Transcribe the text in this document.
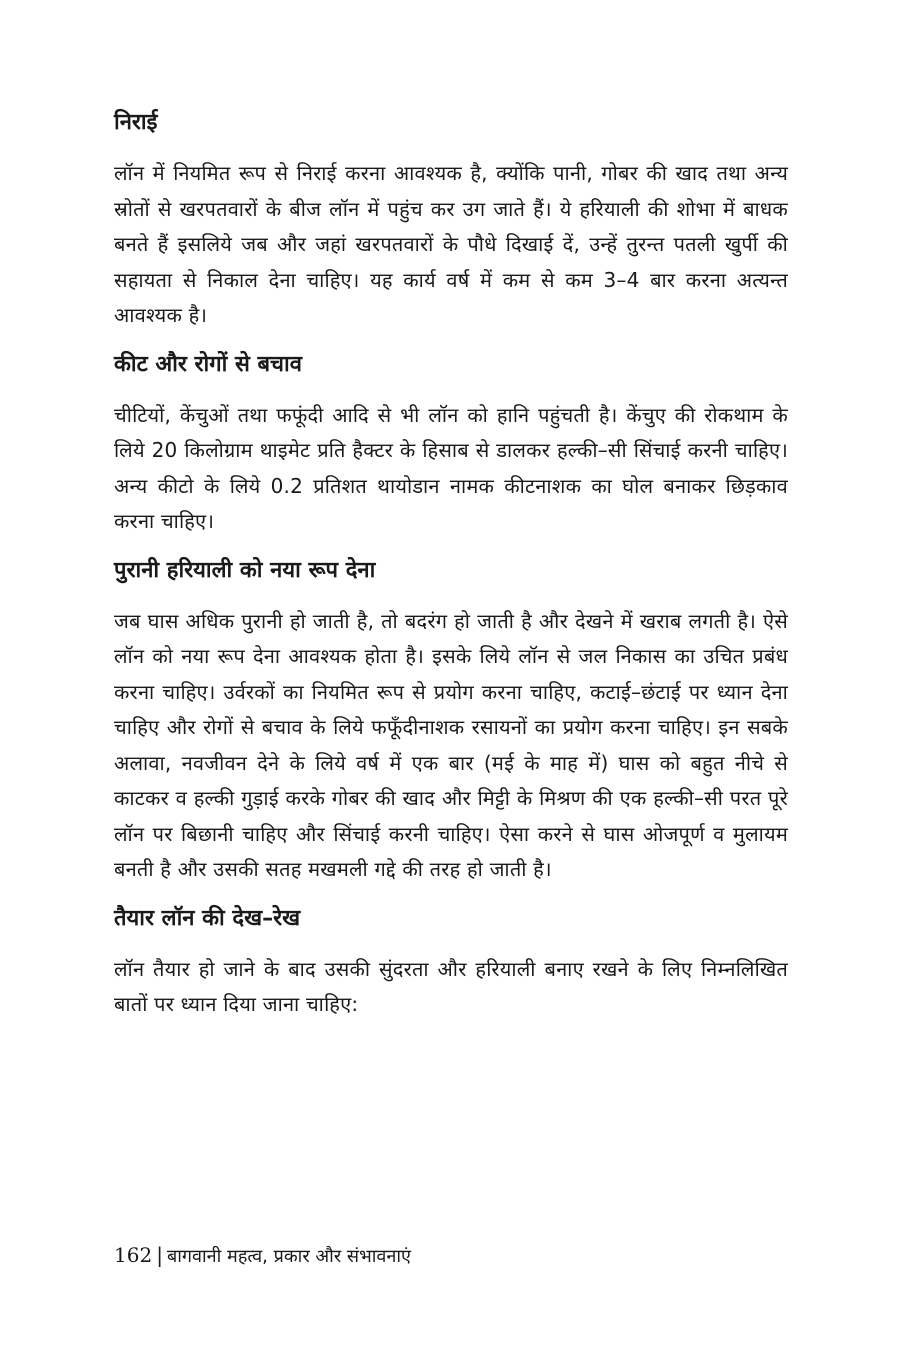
निराई

लॉन में नियमित रूप से निराई करना आवश्यक है, क्योंकि पानी, गोबर की खाद तथा अन्य स्रोतों से खरपतवारों के बीज लॉन में पहुंच कर उग जाते हैं। ये हरियाली की शोभा में बाधक बनते हैं इसलिये जब और जहां खरपतवारों के पौधे दिखाई दें, उन्हें तुरन्त पतली खुर्पी की सहायता से निकाल देना चाहिए। यह कार्य वर्ष में कम से कम 3–4 बार करना अत्यन्त आवश्यक है।

कीट और रोगों से बचाव

चीटियों, केंचुओं तथा फफूंदी आदि से भी लॉन को हानि पहुंचती है। केंचुए की रोकथाम के लिये 20 किलोग्राम थाइमेट प्रति हैक्टर के हिसाब से डालकर हल्की–सी सिंचाई करनी चाहिए। अन्य कीटो के लिये 0.2 प्रतिशत थायोडान नामक कीटनाशक का घोल बनाकर छिड़काव करना चाहिए।

पुरानी हरियाली को नया रूप देना

जब घास अधिक पुरानी हो जाती है, तो बदरंग हो जाती है और देखने में खराब लगती है। ऐसे लॉन को नया रूप देना आवश्यक होता है। इसके लिये लॉन से जल निकास का उचित प्रबंध करना चाहिए। उर्वरकों का नियमित रूप से प्रयोग करना चाहिए, कटाई–छंटाई पर ध्यान देना चाहिए और रोगों से बचाव के लिये फफूँदीनाशक रसायनों का प्रयोग करना चाहिए। इन सबके अलावा, नवजीवन देने के लिये वर्ष में एक बार (मई के माह में) घास को बहुत नीचे से काटकर व हल्की गुड़ाई करके गोबर की खाद और मिट्टी के मिश्रण की एक हल्की–सी परत पूरे लॉन पर बिछानी चाहिए और सिंचाई करनी चाहिए। ऐसा करने से घास ओजपूर्ण व मुलायम बनती है और उसकी सतह मखमली गद्दे की तरह हो जाती है।

तैयार लॉन की देख–रेख

लॉन तैयार हो जाने के बाद उसकी सुंदरता और हरियाली बनाए रखने के लिए निम्नलिखित बातों पर ध्यान दिया जाना चाहिए:

162 | बागवानी महत्व, प्रकार और संभावनाएं
